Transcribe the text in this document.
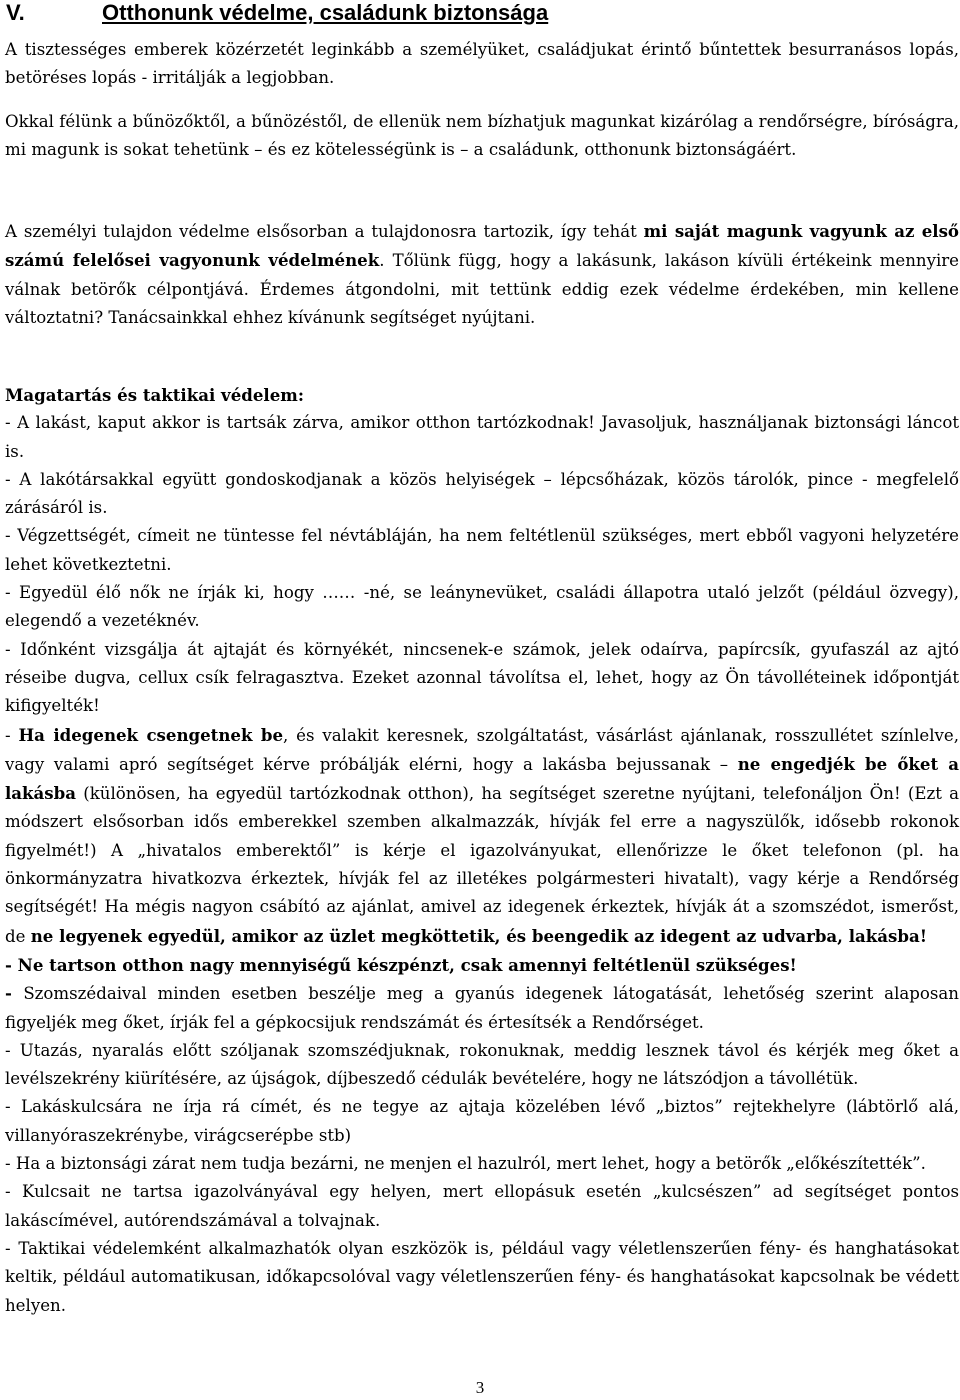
V.	Otthonunk védelme, családunk biztonsága
A tisztességes emberek közérzetét leginkább a személyüket, családjukat érintő bűntettek besurranásos lopás, betöréses lopás - irritálják a legjobban.
Okkal félünk a bűnözőktől, a bűnözéstől, de ellenük nem bízhatjuk magunkat kizárólag a rendőrségre, bíróságra, mi magunk is sokat tehetünk – és ez kötelességünk is – a családunk, otthonunk biztonságáért.
A személyi tulajdon védelme elsősorban a tulajdonosra tartozik, így tehát mi saját magunk vagyunk az első számú felelősei vagyonunk védelmének. Tőlünk függ, hogy a lakásunk, lakáson kívüli értékeink mennyire válnak betörők célpontjává. Érdemes átgondolni, mit tettünk eddig ezek védelme érdekében, min kellene változtatni? Tanácsainkkal ehhez kívánunk segítséget nyújtani.
Magatartás és taktikai védelem:
- A lakást, kaput akkor is tartsák zárva, amikor otthon tartózkodnak! Javasoljuk, használjanak biztonsági láncot is.
- A lakótársakkal együtt gondoskodjanak a közös helyiségek – lépcsőházak, közös tárolók, pince - megfelelő zárásáról is.
- Végzettségét, címeit ne tüntesse fel névtábláján, ha nem feltétlenül szükséges, mert ebből vagyoni helyzetére lehet következtetni.
- Egyedül élő nők ne írják ki, hogy …… -né, se leánynevüket, családi állapotra utaló jelzőt (például özvegy), elegendő a vezetéknév.
- Időnként vizsgálja át ajtaját és környékét, nincsenek-e számok, jelek odaírva, papírcsík, gyufaszál az ajtó réseibe dugva, cellux csík felragasztva. Ezeket azonnal távolítsa el, lehet, hogy az Ön távolléteinek időpontját kifigyelték!
- Ha idegenek csengetnek be, és valakit keresnek, szolgáltatást, vásárlást ajánlanak, rosszullétet színlelve, vagy valami apró segítséget kérve próbálják elérni, hogy a lakásba bejussanak – ne engedjék be őket a lakásba (különösen, ha egyedül tartózkodnak otthon), ha segítséget szeretne nyújtani, telefonáljon Ön! (Ezt a módszert elsősorban idős emberekkel szemben alkalmazzák, hívják fel erre a nagyszülők, idősebb rokonok figyelmét!) A „hivatalos emberektől” is kérje el igazolványukat, ellenőrizze le őket telefonon (pl. ha önkormányzatra hivatkozva érkeztek, hívják fel az illetékes polgármesteri hivatalt), vagy kérje a Rendőrség segítségét! Ha mégis nagyon csábító az ajánlat, amivel az idegenek érkeztek, hívják át a szomszédot, ismerőst, de ne legyenek egyedül, amikor az üzlet megköttetik, és beengedik az idegent az udvarba, lakásba!
- Ne tartson otthon nagy mennyiségű készpénzt, csak amennyi feltétlenül szükséges!
- Szomszédaival minden esetben beszélje meg a gyanús idegenek látogatását, lehetőség szerint alaposan figyeljék meg őket, írják fel a gépkocsijuk rendszámát és értesítsék a Rendőrséget.
- Utazás, nyaralás előtt szóljanak szomszédjuknak, rokonuknak, meddig lesznek távol és kérjék meg őket a levélszekrény kiürítésére, az újságok, díjbeszedő cédulák bevételére, hogy ne látszódjon a távollétük.
- Lakáskulcsára ne írja rá címét, és ne tegye az ajtaja közelében lévő „biztos” rejtekhelyre (lábtörlő alá, villanyóraszekrénybe, virágcserépbe stb)
- Ha a biztonsági zárat nem tudja bezárni, ne menjen el hazulról, mert lehet, hogy a betörők „előkészítették”.
- Kulcsait ne tartsa igazolványával egy helyen, mert ellopásuk esetén „kulcsészen” ad segítséget pontos lakáscímével, autórendszámával a tolvajnak.
- Taktikai védelemként alkalmazhatók olyan eszközök is, például vagy véletlenszerűen fény- és hanghatásokat keltik, például automatikusan, időkapcsolóval vagy véletlenszerűen fény- és hanghatásokat kapcsolnak be védett helyen.
3
